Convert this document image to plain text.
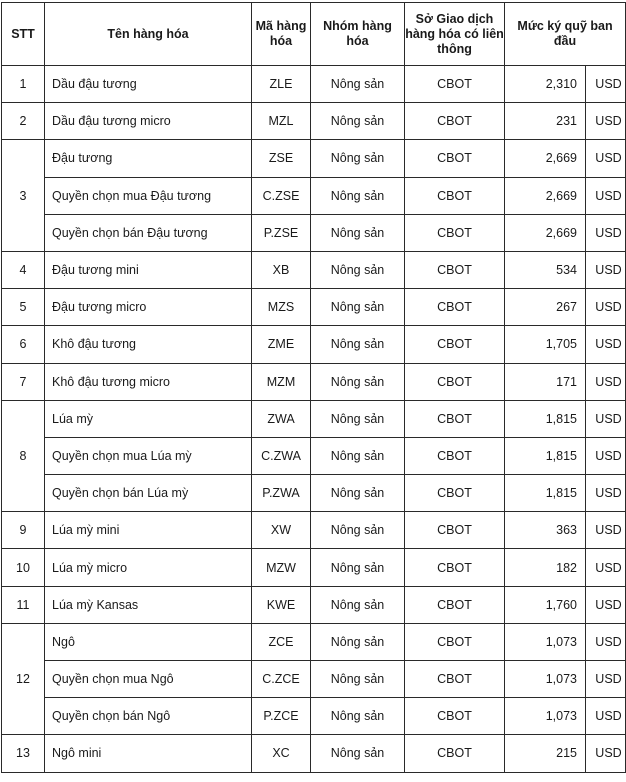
STT	Tên hàng hóa	Mã hàng hóa	Nhóm hàng hóa	Sở Giao dịch hàng hóa có liên thông	Mức ký quỹ ban đầu	
1	Dầu đậu tương	ZLE	Nông sản	CBOT	2,310	USD
2	Dầu đậu tương micro	MZL	Nông sản	CBOT	231	USD
3	Đậu tương	ZSE	Nông sản	CBOT	2,669	USD
	Quyền chọn mua Đậu tương	C.ZSE	Nông sản	CBOT	2,669	USD
	Quyền chọn bán Đậu tương	P.ZSE	Nông sản	CBOT	2,669	USD
4	Đậu tương mini	XB	Nông sản	CBOT	534	USD
5	Đậu tương micro	MZS	Nông sản	CBOT	267	USD
6	Khô đậu tương	ZME	Nông sản	CBOT	1,705	USD
7	Khô đậu tương micro	MZM	Nông sản	CBOT	171	USD
8	Lúa mỳ	ZWA	Nông sản	CBOT	1,815	USD
	Quyền chọn mua Lúa mỳ	C.ZWA	Nông sản	CBOT	1,815	USD
	Quyền chọn bán Lúa mỳ	P.ZWA	Nông sản	CBOT	1,815	USD
9	Lúa mỳ mini	XW	Nông sản	CBOT	363	USD
10	Lúa mỳ micro	MZW	Nông sản	CBOT	182	USD
11	Lúa mỳ Kansas	KWE	Nông sản	CBOT	1,760	USD
12	Ngô	ZCE	Nông sản	CBOT	1,073	USD
	Quyền chọn mua Ngô	C.ZCE	Nông sản	CBOT	1,073	USD
	Quyền chọn bán Ngô	P.ZCE	Nông sản	CBOT	1,073	USD
13	Ngô mini	XC	Nông sản	CBOT	215	USD
